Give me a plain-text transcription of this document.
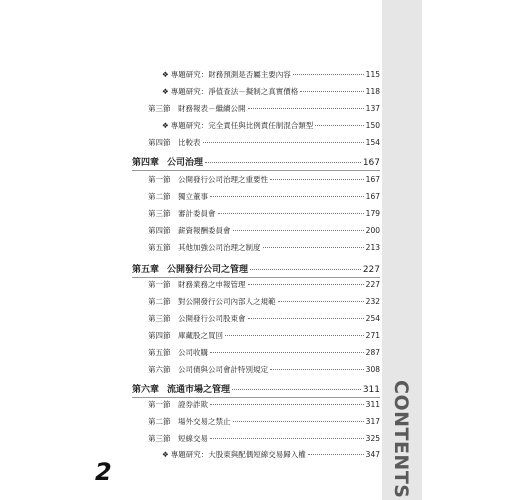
❖ 專題研究：財務預測是否屬主要內容	115
❖ 專題研究：淨值查法－擬制之真實價格	118
第三節 財務報表－繼續公開	137
❖ 專題研究：完全責任與比例責任制混合類型	150
第四節 比較表	154
第四章 公司治理	167
第一節 公開發行公司治理之重要性	167
第二節 獨立董事	167
第三節 審計委員會	179
第四節 薪資報酬委員會	200
第五節 其他加強公司治理之制度	213
第五章 公開發行公司之管理	227
第一節 財務業務之申報管理	227
第二節 對公開發行公司內部人之規範	232
第三節 公開發行公司股東會	254
第四節 庫藏股之買回	271
第五節 公司收購	287
第六節 公司債與公司會計特別規定	308
第六章 流通市場之管理	311
第一節 證券詐欺	311
第二節 場外交易之禁止	317
第三節 短線交易	325
❖ 專題研究：大股東與配偶短線交易歸入權	347 CONTENTS
2
